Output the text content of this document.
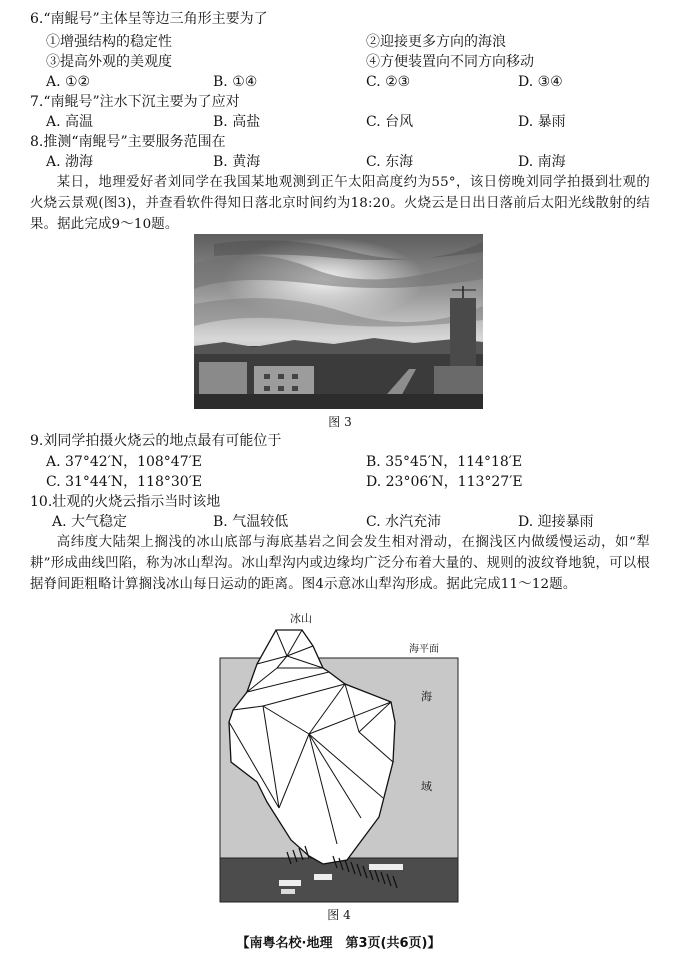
6.“南鲲号”主体呈等边三角形主要为了
①增强结构的稳定性	②迎接更多方向的海浪
③提高外观的美观度	④方便装置向不同方向移动
A. ①②	B. ①④	C. ②③	D. ③④
7.“南鲲号”注水下沉主要为了应对
A. 高温	B. 高盐	C. 台风	D. 暴雨
8.推测“南鲲号”主要服务范围在
A. 渤海	B. 黄海	C. 东海	D. 南海
某日，地理爱好者刘同学在我国某地观测到正午太阳高度约为55°，该日傍晚刘同学拍摄到壮观的火烧云景观(图3)，并查看软件得知日落北京时间约为18:20。火烧云是日出日落前后太阳光线散射的结果。据此完成9～10题。
图 3
9.刘同学拍摄火烧云的地点最有可能位于
A. 37°42′N，108°47′E	B. 35°45′N，114°18′E
C. 31°44′N，118°30′E	D. 23°06′N，113°27′E
10.壮观的火烧云指示当时该地
A. 大气稳定	B. 气温较低	C. 水汽充沛	D. 迎接暴雨
高纬度大陆架上搁浅的冰山底部与海底基岩之间会发生相对滑动，在搁浅区内做缓慢运动，如“犁耕”形成曲线凹陷，称为冰山犁沟。冰山犁沟内或边缘均广泛分布着大量的、规则的波纹脊地貌，可以根据脊间距粗略计算搁浅冰山每日运动的距离。图4示意冰山犁沟形成。据此完成11～12题。
冰山
海平面
海
域
图 4
【南粤名校·地理　第3页(共6页)】
